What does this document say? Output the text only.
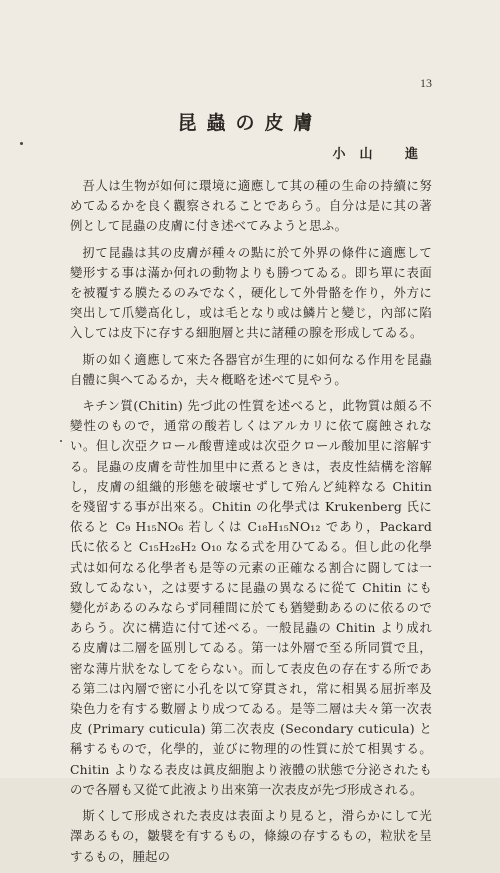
13
昆蟲の皮膚
小山 進

吾人は生物が如何に環境に適應して其の種の生命の持續に努めてゐるかを良く觀察されることであらう。自分は是に其の著例として昆蟲の皮膚に付き述べてみようと思ふ。

扨て昆蟲は其の皮膚が種々の點に於て外界の條件に適應して變形する事は滿か何れの動物よりも勝つてゐる。即ち單に表面を被覆する膜たるのみでなく，硬化して外骨骼を作り，外方に突出して爪變髙化し，或は毛となり或は鱗片と變じ，內部に陷入しては皮下に存する細胞層と共に諸種の腺を形成してゐる。

斯の如く適應して來た各器官が生理的に如何なる作用を昆蟲自體に與へてゐるか，夫々槪略を述べて見やう。

キチン質(Chitin) 先づ此の性質を述べると，此物質は頗る不變性のもので，通常の酸若しくはアルカリに依て腐蝕されない。但し次亞クロール酸曹達或は次亞クロール酸加里に溶解する。昆蟲の皮膚を苛性加里中に煮るときは，表皮性結構を溶解し，皮膚の組織的形態を破壞せずして殆んど純粹なる Chitin を殘留する事が出來る。Chitin の化學式は Krukenberg 氏に依ると C₉ H₁₅NO₆ 若しくは C₁₈H₁₅NO₁₂ であり，Packard 氏に依ると C₁₅H₂₆H₂ O₁₀ なる式を用ひてゐる。但し此の化學式は如何なる化學者も是等の元素の正確なる割合に闘しては一致してゐない，之は要するに昆蟲の異なるに從て Chitin にも變化があるのみならず同種間に於ても猶變動あるのに依るのであらう。次に構造に付て述べる。一般昆蟲の Chitin より成れる皮膚は二層を區別してゐる。第一は外層で至る所同質で且，密な薄片狀をなしてをらない。而して表皮色の存在する所であ る第二は內層で密に小孔を以て穿貫され，常に相異る屈折率及染色力を有する數層より成つてゐる。是等二層は夫々第一次表皮 (Primary cuticula) 第二次表皮 (Secondary cuticula) と稱するもので，化學的，並びに物理的の性質に於て相異する。Chitin よりなる表皮は眞皮細胞より液體の狀態で分泌されたもので各層も又從て此液より出來第一次表皮が先づ形成される。

斯くして形成された表皮は表面より見ると，滑らかにして光澤あるもの，皺襞を有するもの，條線の存するもの，粒狀を呈するもの，腫起の
